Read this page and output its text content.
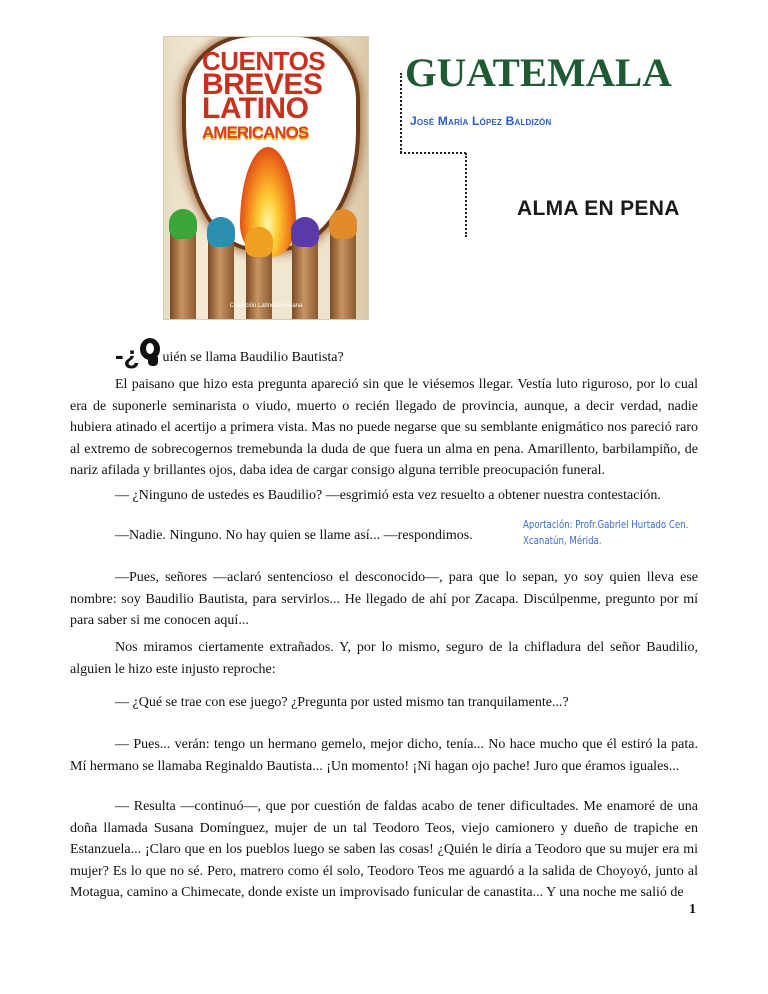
CUENTOS
BREVES
LATINO
AMERICANOS
Coedición Latinoamericana
GUATEMALA
José María López Baldizón
ALMA EN PENA
-¿ uién se llama Baudilio Bautista?

El paisano que hizo esta pregunta apareció sin que le viésemos llegar. Vestía luto riguroso, por lo cual era de suponerle seminarista o viudo, muerto o recién llegado de provincia, aunque, a decir verdad, nadie hubiera atinado el acertijo a primera vista. Mas no puede negarse que su semblante enigmático nos pareció raro al extremo de sobrecogernos tremebunda la duda de que fuera un alma en pena. Amarillento, barbilampiño, de nariz afilada y brillantes ojos, daba idea de cargar consigo alguna terrible preocupación funeral.

— ¿Ninguno de ustedes es Baudilio? —esgrimió esta vez resuelto a obtener nuestra contestación.

—Nadie. Ninguno. No hay quien se llame así... —respondimos.

—Pues, señores —aclaró sentencioso el desconocido—, para que lo sepan, yo soy quien lleva ese nombre: soy Baudilio Bautista, para servirlos... He llegado de ahí por Zacapa. Discúlpenme, pregunto por mí para saber si me conocen aquí...

Nos miramos ciertamente extrañados. Y, por lo mismo, seguro de la chifladura del señor Baudilio, alguien le hizo este injusto reproche:

— ¿Qué se trae con ese juego? ¿Pregunta por usted mismo tan tranquilamente...?

— Pues... verán: tengo un hermano gemelo, mejor dicho, tenía... No hace mucho que él estiró la pata. Mí hermano se llamaba Reginaldo Bautista... ¡Un momento! ¡Ni hagan ojo pache! Juro que éramos iguales...

— Resulta —continuó—, que por cuestión de faldas acabo de tener dificultades. Me enamoré de una doña llamada Susana Domínguez, mujer de un tal Teodoro Teos, viejo camionero y dueño de trapiche en Estanzuela... ¡Claro que en los pueblos luego se saben las cosas! ¿Quién le diría a Teodoro que su mujer era mi mujer? Es lo que no sé. Pero, matrero como él solo, Teodoro Teos me aguardó a la salida de Choyoyó, junto al Motagua, camino a Chimecate, donde existe un improvisado funicular de canastita... Y una noche me salió de

Aportación: Profr.Gabriel Hurtado Cen.
Xcanatún, Mérida.
1
